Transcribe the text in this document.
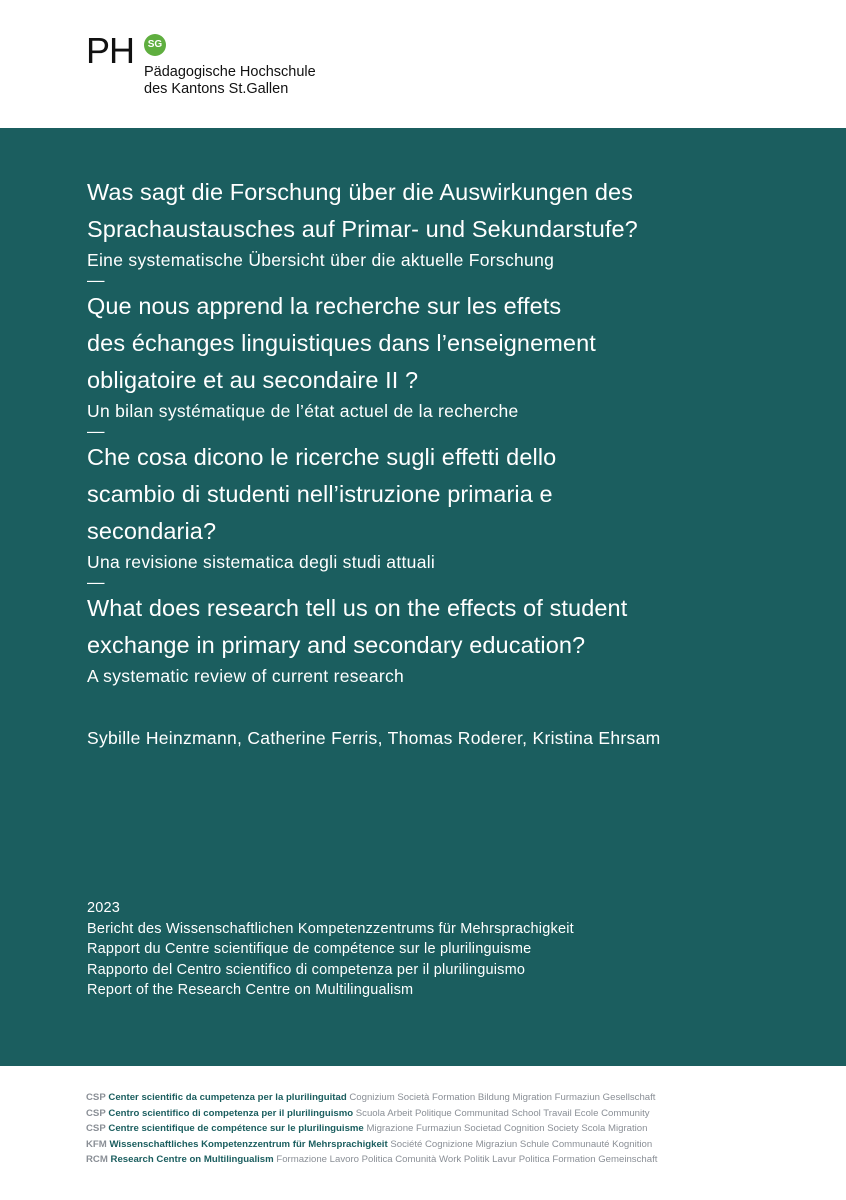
PH	SG
Pädagogische Hochschule
des Kantons St.Gallen
Was sagt die Forschung über die Auswirkungen des
Sprachaustausches auf Primar- und Sekundarstufe?
Eine systematische Übersicht über die aktuelle Forschung
—
Que nous apprend la recherche sur les effets
des échanges linguistiques dans l’enseignement
obligatoire et au secondaire II ?
Un bilan systématique de l’état actuel de la recherche
—
Che cosa dicono le ricerche sugli effetti dello
scambio di studenti nell’istruzione primaria e
secondaria?
Una revisione sistematica degli studi attuali
—
What does research tell us on the effects of student
exchange in primary and secondary education?
A systematic review of current research
Sybille Heinzmann, Catherine Ferris, Thomas Roderer, Kristina Ehrsam
2023
Bericht des Wissenschaftlichen Kompetenzzentrums für Mehrsprachigkeit
Rapport du Centre scientifique de compétence sur le plurilinguisme
Rapporto del Centro scientifico di competenza per il plurilinguismo
Report of the Research Centre on Multilingualism
CSP Center scientific da cumpetenza per la plurilinguitad Cognizium Società Formation Bildung Migration Furmaziun Gesellschaft
CSP Centro scientifico di competenza per il plurilinguismo Scuola Arbeit Politique Communitad School Travail Ecole Community
CSP Centre scientifique de compétence sur le plurilinguisme Migrazione Furmaziun Societad Cognition Society Scola Migration
KFM Wissenschaftliches Kompetenzzentrum für Mehrsprachigkeit Société Cognizione Migraziun Schule Communauté Kognition
RCM Research Centre on Multilingualism Formazione Lavoro Politica Comunità Work Politik Lavur Politica Formation Gemeinschaft
